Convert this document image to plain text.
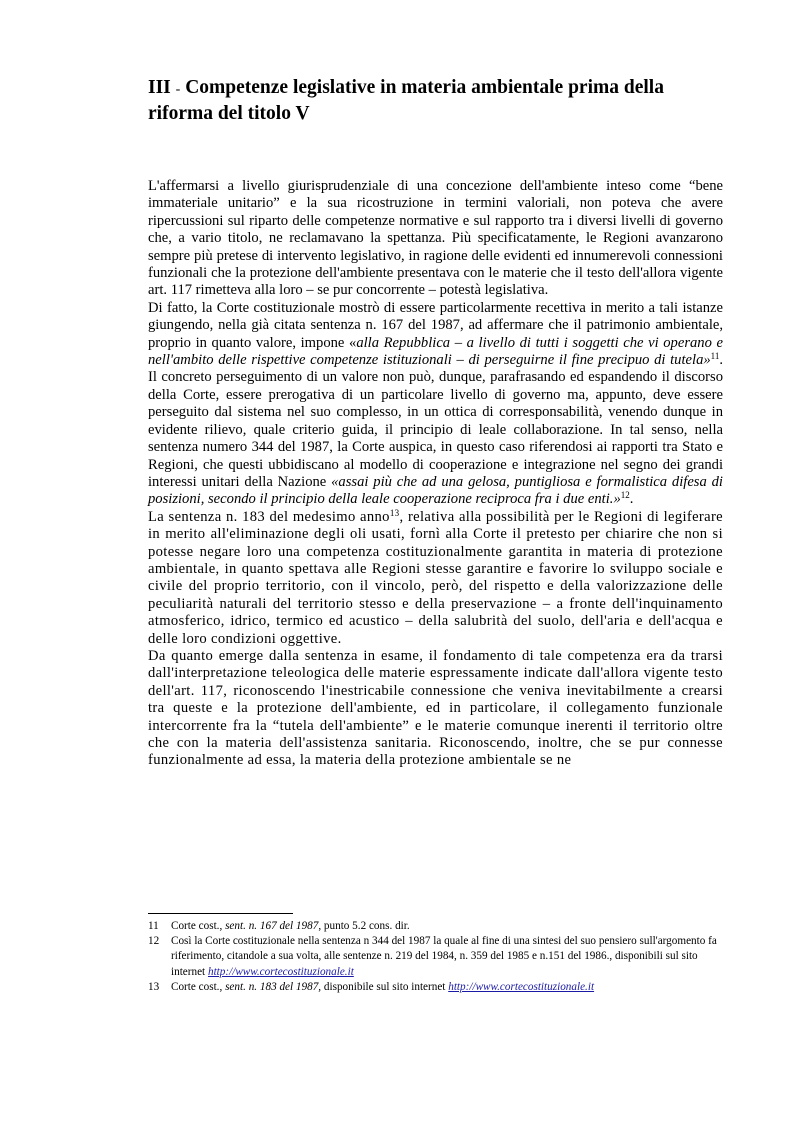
III - Competenze legislative in materia ambientale prima della riforma del titolo V

L'affermarsi a livello giurisprudenziale di una concezione dell'ambiente inteso come “bene immateriale unitario” e la sua ricostruzione in termini valoriali, non poteva che avere ripercussioni sul riparto delle competenze normative e sul rapporto tra i diversi livelli di governo che, a vario titolo, ne reclamavano la spettanza. Più specificatamente, le Regioni avanzarono sempre più pretese di intervento legislativo, in ragione delle evidenti ed innumerevoli connessioni funzionali che la protezione dell'ambiente presentava con le materie che il testo dell'allora vigente art. 117 rimetteva alla loro – se pur concorrente – potestà legislativa.

Di fatto, la Corte costituzionale mostrò di essere particolarmente recettiva in merito a tali istanze giungendo, nella già citata sentenza n. 167 del 1987, ad affermare che il patrimonio ambientale, proprio in quanto valore, impone «alla Repubblica – a livello di tutti i soggetti che vi operano e nell'ambito delle rispettive competenze istituzionali – di perseguirne il fine precipuo di tutela»$^{11}$. Il concreto perseguimento di un valore non può, dunque, parafrasando ed espandendo il discorso della Corte, essere prerogativa di un particolare livello di governo ma, appunto, deve essere perseguito dal sistema nel suo complesso, in un ottica di corresponsabilità, venendo dunque in evidente rilievo, quale criterio guida, il principio di leale collaborazione. In tal senso, nella sentenza numero 344 del 1987, la Corte auspica, in questo caso riferendosi ai rapporti tra Stato e Regioni, che questi ubbidiscano al modello di cooperazione e integrazione nel segno dei grandi interessi unitari della Nazione «assai più che ad una gelosa, puntigliosa e formalistica difesa di posizioni, secondo il principio della leale cooperazione reciproca fra i due enti.»$^{12}$.

La sentenza n. 183 del medesimo anno$^{13}$, relativa alla possibilità per le Regioni di legiferare in merito all'eliminazione degli oli usati, fornì alla Corte il pretesto per chiarire che non si potesse negare loro una competenza costituzionalmente garantita in materia di protezione ambientale, in quanto spettava alle Regioni stesse garantire e favorire lo sviluppo sociale e civile del proprio territorio, con il vincolo, però, del rispetto e della valorizzazione delle peculiarità naturali del territorio stesso e della preservazione – a fronte dell'inquinamento atmosferico, idrico, termico ed acustico – della salubrità del suolo, dell'aria e dell'acqua e delle loro condizioni oggettive.

Da quanto emerge dalla sentenza in esame, il fondamento di tale competenza era da trarsi dall'interpretazione teleologica delle materie espressamente indicate dall'allora vigente testo dell'art. 117, riconoscendo l'inestricabile connessione che veniva inevitabilmente a crearsi tra queste e la protezione dell'ambiente, ed in particolare, il collegamento funzionale intercorrente fra la “tutela dell'ambiente” e le materie comunque inerenti il territorio oltre che con la materia dell'assistenza sanitaria. Riconoscendo, inoltre, che se pur connesse funzionalmente ad essa, la materia della protezione ambientale se ne

11	Corte cost., sent. n. 167 del 1987, punto 5.2 cons. dir.
12	Così la Corte costituzionale nella sentenza n 344 del 1987 la quale al fine di una sintesi del suo pensiero sull'argomento fa riferimento, citandole a sua volta, alle sentenze n. 219 del 1984, n. 359 del 1985 e n.151 del 1986., disponibili sul sito internet http://www.cortecostituzionale.it
13	Corte cost., sent. n. 183 del 1987, disponibile sul sito internet http://www.cortecostituzionale.it
